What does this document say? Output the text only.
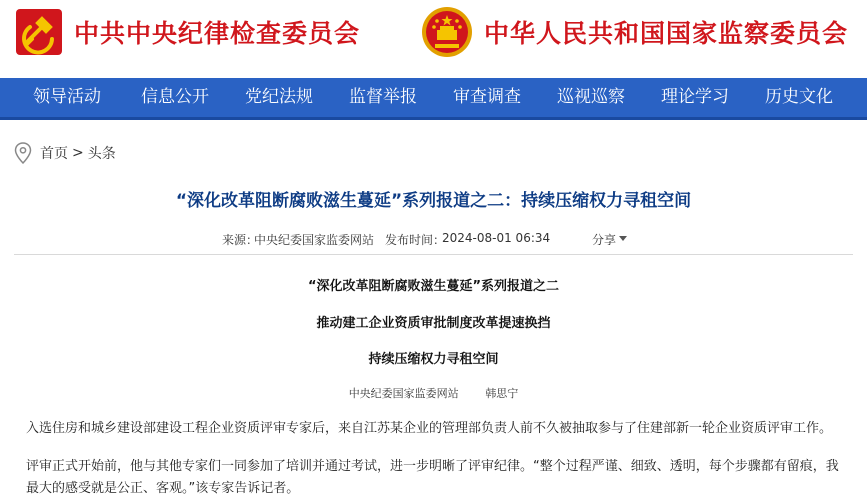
中共中央纪律检查委员会	中华人民共和国国家监察委员会
领导活动 信息公开 党纪法规 监督举报 审查调查 巡视巡察 理论学习 历史文化
首页 > 头条
“深化改革阻断腐败滋生蔓延”系列报道之二：持续压缩权力寻租空间
来源：
中央纪委国家监委网站 发布时间：
2024-08-01 06:34	分享
“深化改革阻断腐败滋生蔓延”系列报道之二
推动建工企业资质审批制度改革提速换挡
持续压缩权力寻租空间
中央纪委国家监委网站 韩思宁
入选住房和城乡建设部建设工程企业资质评审专家后，来自江苏某企业的管理部负责人前不久被抽取参与了住建部新一轮企业资质评审工作。
评审正式开始前，他与其他专家们一同参加了培训并通过考试，进一步明晰了评审纪律。“整个过程严谨、细致、透明，每个步骤都有留痕，我最大的感受就是公正、客观。”该专家告诉记者。
